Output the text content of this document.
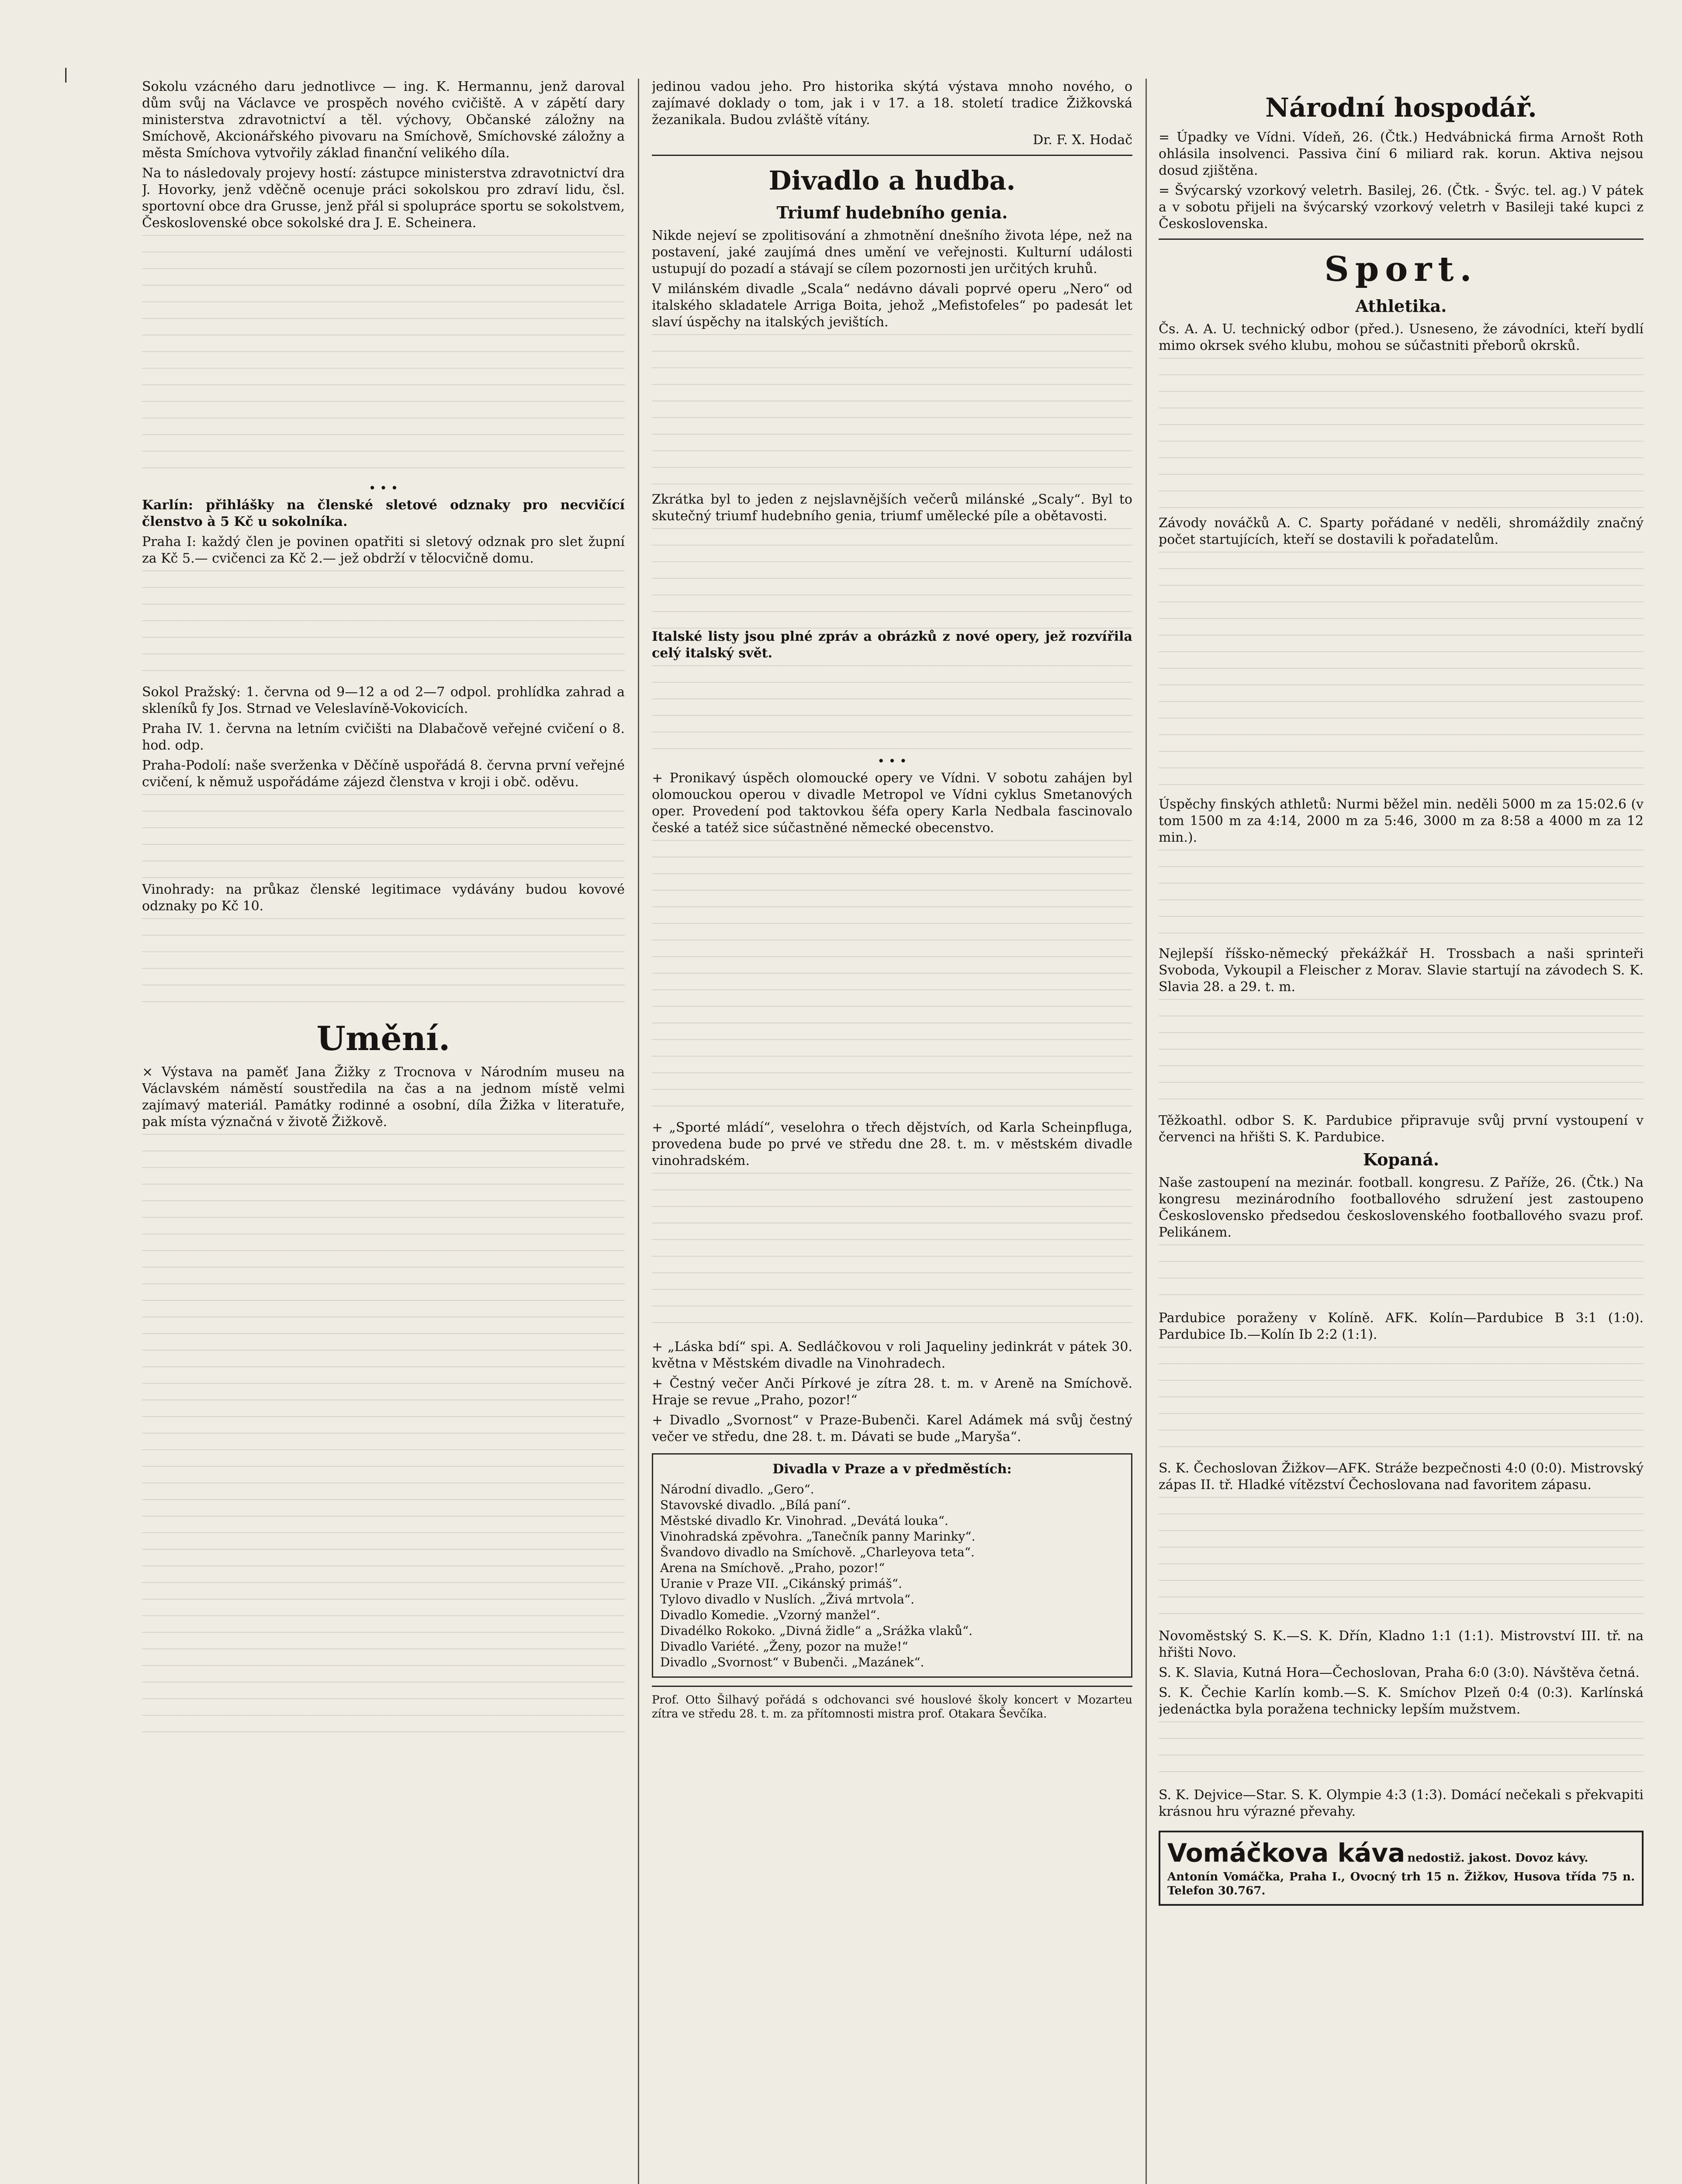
|

Sokolu vzácného daru jednotlivce — ing. K. Hermannu, jenž daroval dům svůj na Václavce ve prospěch nového cvičiště. A v zápětí dary ministerstva zdravotnictví a těl. výchovy, Občanské záložny na Smíchově, Akcionářského pivovaru na Smíchově, Smíchovské záložny a města Smíchova vytvořily základ finanční velikého díla.

Na to následovaly projevy hostí: zástupce ministerstva zdravotnictví dra J. Hovorky, jenž vděčně ocenuje práci sokolskou pro zdraví lidu, čsl. sportovní obce dra Grusse, jenž přál si spolupráce sportu se sokolstvem, Československé obce sokolské dra J. E. Scheinera.

• • •

Karlín: přihlášky na členské sletové odznaky pro necvičící členstvo à 5 Kč u sokolníka.

Praha I: každý člen je povinen opatřiti si sletový odznak pro slet župní za Kč 5.— cvičenci za Kč 2.— jež obdrží v tělocvičně domu.

Sokol Pražský: 1. června od 9—12 a od 2—7 odpol. prohlídka zahrad a skleníků fy Jos. Strnad ve Veleslavíně-Vokovicích.

Praha IV. 1. června na letním cvičišti na Dlabačově veřejné cvičení o 8. hod. odp.

Praha-Podolí: naše sverženka v Děčíně uspořádá 8. června první veřejné cvičení, k němuž uspořádáme zájezd členstva v kroji i obč. oděvu.

Vinohrady: na průkaz členské legitimace vydávány budou kovové odznaky po Kč 10.

Umění.

× Výstava na paměť Jana Žižky z Trocnova v Národním museu na Václavském náměstí soustředila na čas a na jednom místě velmi zajímavý materiál. Památky rodinné a osobní, díla Žižka v literatuře, pak místa význačná v životě Žižkově.

jedinou vadou jeho. Pro historika skýtá výstava mnoho nového, o zajímavé doklady o tom, jak i v 17. a 18. století tradice Žižkovská žezanikala. Budou zvláště vítány.

Dr. F. X. Hodač

Divadlo a hudba.
Triumf hudebního genia.

Nikde nejeví se zpolitisování a zhmotnění dnešního života lépe, než na postavení, jaké zaujímá dnes umění ve veřejnosti. Kulturní události ustupují do pozadí a stávají se cílem pozornosti jen určitých kruhů.

V milánském divadle „Scala“ nedávno dávali poprvé operu „Nero“ od italského skladatele Arriga Boita, jehož „Mefistofeles“ po padesát let slaví úspěchy na italských jevištích.

Zkrátka byl to jeden z nejslavnějších večerů milánské „Scaly“. Byl to skutečný triumf hudebního genia, triumf umělecké píle a obětavosti.

Italské listy jsou plné zpráv a obrázků z nové opery, jež rozvířila celý italský svět.

• • •

+ Pronikavý úspěch olomoucké opery ve Vídni. V sobotu zahájen byl olomouckou operou v divadle Metropol ve Vídni cyklus Smetanových oper. Provedení pod taktovkou šéfa opery Karla Nedbala fascinovalo české a tatéž sice súčastněné německé obecenstvo.

+ „Sporté mládí“, veselohra o třech dějstvích, od Karla Scheinpfluga, provedena bude po prvé ve středu dne 28. t. m. v městském divadle vinohradském.

+ „Láska bdí“ spi. A. Sedláčkovou v roli Jaqueliny jedinkrát v pátek 30. května v Městském divadle na Vinohradech.

+ Čestný večer Anči Pírkové je zítra 28. t. m. v Areně na Smíchově. Hraje se revue „Praho, pozor!“

+ Divadlo „Svornost“ v Praze-Bubenči. Karel Adámek má svůj čestný večer ve středu, dne 28. t. m. Dávati se bude „Maryša“.

Divadla v Praze a v předměstích:

Národní divadlo. „Gero“.

Stavovské divadlo. „Bílá paní“.

Městské divadlo Kr. Vinohrad. „Devátá louka“.

Vinohradská zpěvohra. „Tanečník panny Marinky“.

Švandovo divadlo na Smíchově. „Charleyova teta“.

Arena na Smíchově. „Praho, pozor!“

Uranie v Praze VII. „Cikánský primáš“.

Tylovo divadlo v Nuslích. „Živá mrtvola“.

Divadlo Komedie. „Vzorný manžel“.

Divadélko Rokoko. „Divná židle“ a „Srážka vlaků“.

Divadlo Variété. „Ženy, pozor na muže!“

Divadlo „Svornost“ v Bubenči. „Mazánek“.

Prof. Otto Šilhavý pořádá s odchovanci své houslové školy koncert v Mozarteu zítra ve středu 28. t. m. za přítomnosti mistra prof. Otakara Ševčíka.

Národní hospodář.

= Úpadky ve Vídni. Vídeň, 26. (Čtk.) Hedvábnická firma Arnošt Roth ohlásila insolvenci. Passiva činí 6 miliard rak. korun. Aktiva nejsou dosud zjištěna.

= Švýcarský vzorkový veletrh. Basilej, 26. (Čtk. - Švýc. tel. ag.) V pátek a v sobotu přijeli na švýcarský vzorkový veletrh v Basileji také kupci z Československa.

Sport.
Athletika.

Čs. A. A. U. technický odbor (před.). Usneseno, že závodníci, kteří bydlí mimo okrsek svého klubu, mohou se súčastniti přeborů okrsků.

Závody nováčků A. C. Sparty pořádané v neděli, shromáždily značný počet startujících, kteří se dostavili k pořadatelům.

Úspěchy finských athletů: Nurmi běžel min. neděli 5000 m za 15:02.6 (v tom 1500 m za 4:14, 2000 m za 5:46, 3000 m za 8:58 a 4000 m za 12 min.).

Nejlepší říšsko-německý překážkář H. Trossbach a naši sprinteři Svoboda, Vykoupil a Fleischer z Morav. Slavie startují na závodech S. K. Slavia 28. a 29. t. m.

Těžkoathl. odbor S. K. Pardubice připravuje svůj první vystoupení v červenci na hřišti S. K. Pardubice.

Kopaná.

Naše zastoupení na mezinár. football. kongresu. Z Paříže, 26. (Čtk.) Na kongresu mezinárodního footballového sdružení jest zastoupeno Československo předsedou československého footballového svazu prof. Pelikánem.

Pardubice poraženy v Kolíně. AFK. Kolín—Pardubice B 3:1 (1:0). Pardubice Ib.—Kolín Ib 2:2 (1:1).

S. K. Čechoslovan Žižkov—AFK. Stráže bezpečnosti 4:0 (0:0). Mistrovský zápas II. tř. Hladké vítězství Čechoslovana nad favoritem zápasu.

Novoměstský S. K.—S. K. Dřín, Kladno 1:1 (1:1). Mistrovství III. tř. na hřišti Novo.

S. K. Slavia, Kutná Hora—Čechoslovan, Praha 6:0 (3:0). Návštěva četná.

S. K. Čechie Karlín komb.—S. K. Smíchov Plzeň 0:4 (0:3). Karlínská jedenáctka byla poražena technicky lepším mužstvem.

S. K. Dejvice—Star. S. K. Olympie 4:3 (1:3). Domácí nečekali s překvapiti krásnou hru výrazné převahy.

Vomáčkova káva nedostiž. jakost. Dovoz kávy.

Antonín Vomáčka, Praha I., Ovocný trh 15 n. Žižkov, Husova třída 75 n. Telefon 30.767.
